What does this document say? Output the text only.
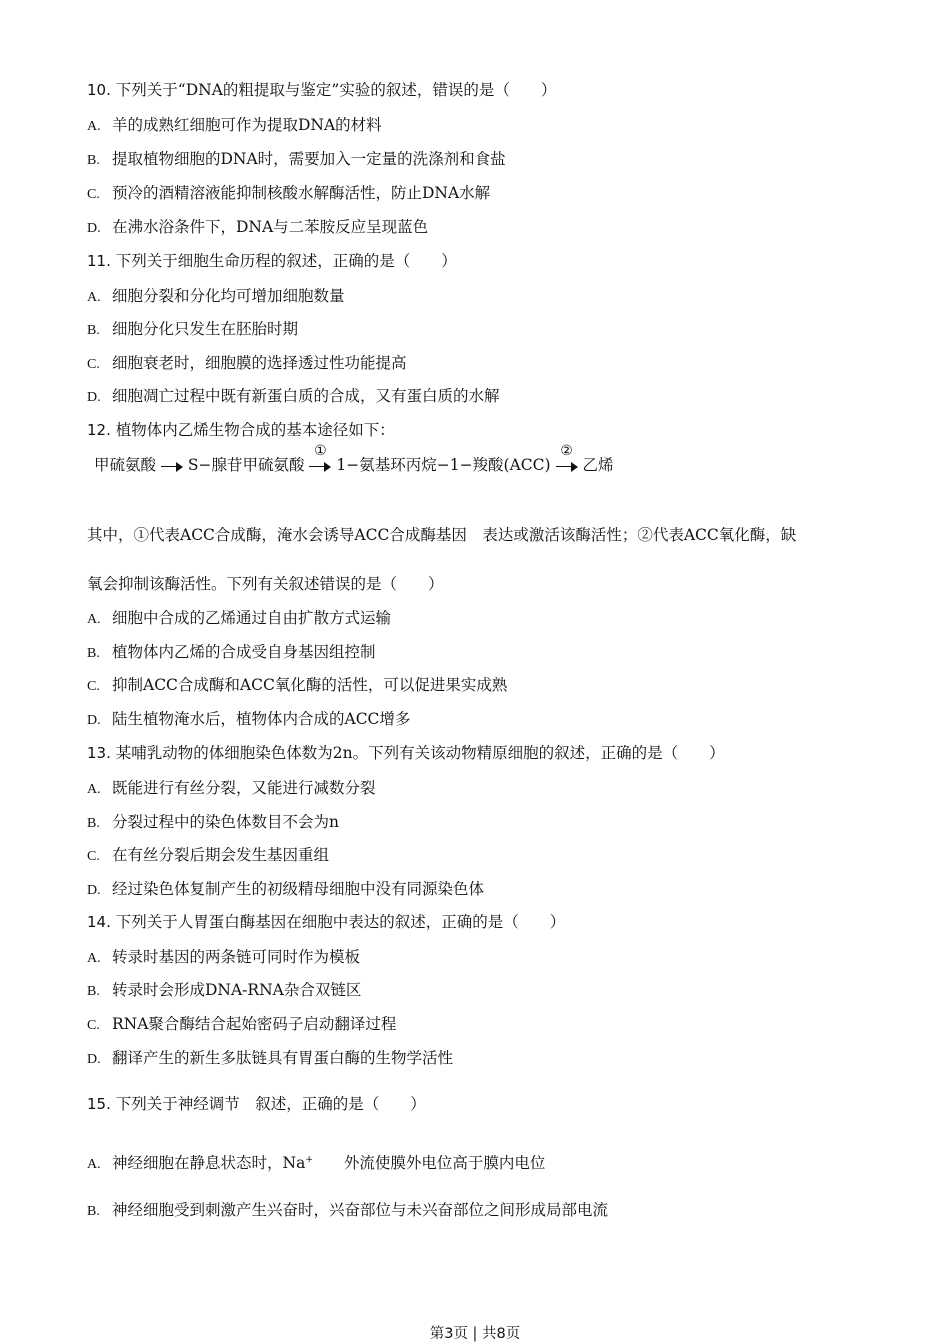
10. 下列关于“DNA的粗提取与鉴定”实验的叙述，错误的是（　　）
A. 羊的成熟红细胞可作为提取DNA的材料
B. 提取植物细胞的DNA时，需要加入一定量的洗涤剂和食盐
C. 预冷的酒精溶液能抑制核酸水解酶活性，防止DNA水解
D. 在沸水浴条件下，DNA与二苯胺反应呈现蓝色
11. 下列关于细胞生命历程的叙述，正确的是（　　）
A. 细胞分裂和分化均可增加细胞数量
B. 细胞分化只发生在胚胎时期
C. 细胞衰老时，细胞膜的选择透过性功能提高
D. 细胞凋亡过程中既有新蛋白质的合成，又有蛋白质的水解
12. 植物体内乙烯生物合成的基本途径如下：
甲硫氨酸 S−腺苷甲硫氨酸
①
1−氨基环丙烷−1−羧酸(ACC)
②
乙烯
其中，①代表ACC合成酶，淹水会诱导ACC合成酶基因　表达或激活该酶活性；②代表ACC氧化酶，缺
氧会抑制该酶活性。下列有关叙述错误的是（　　）
A. 细胞中合成的乙烯通过自由扩散方式运输
B. 植物体内乙烯的合成受自身基因组控制
C. 抑制ACC合成酶和ACC氧化酶的活性，可以促进果实成熟
D. 陆生植物淹水后，植物体内合成的ACC增多
13. 某哺乳动物的体细胞染色体数为2n。下列有关该动物精原细胞的叙述，正确的是（　　）
A. 既能进行有丝分裂，又能进行减数分裂
B. 分裂过程中的染色体数目不会为n
C. 在有丝分裂后期会发生基因重组
D. 经过染色体复制产生的初级精母细胞中没有同源染色体
14. 下列关于人胃蛋白酶基因在细胞中表达的叙述，正确的是（　　）
A. 转录时基因的两条链可同时作为模板
B. 转录时会形成DNA-RNA杂合双链区
C. RNA聚合酶结合起始密码子启动翻译过程
D. 翻译产生的新生多肽链具有胃蛋白酶的生物学活性
15. 下列关于神经调节　叙述，正确的是（　　）
A. 神经细胞在静息状态时，Na+　　外流使膜外电位高于膜内电位
B. 神经细胞受到刺激产生兴奋时，兴奋部位与未兴奋部位之间形成局部电流
第3页 | 共8页
